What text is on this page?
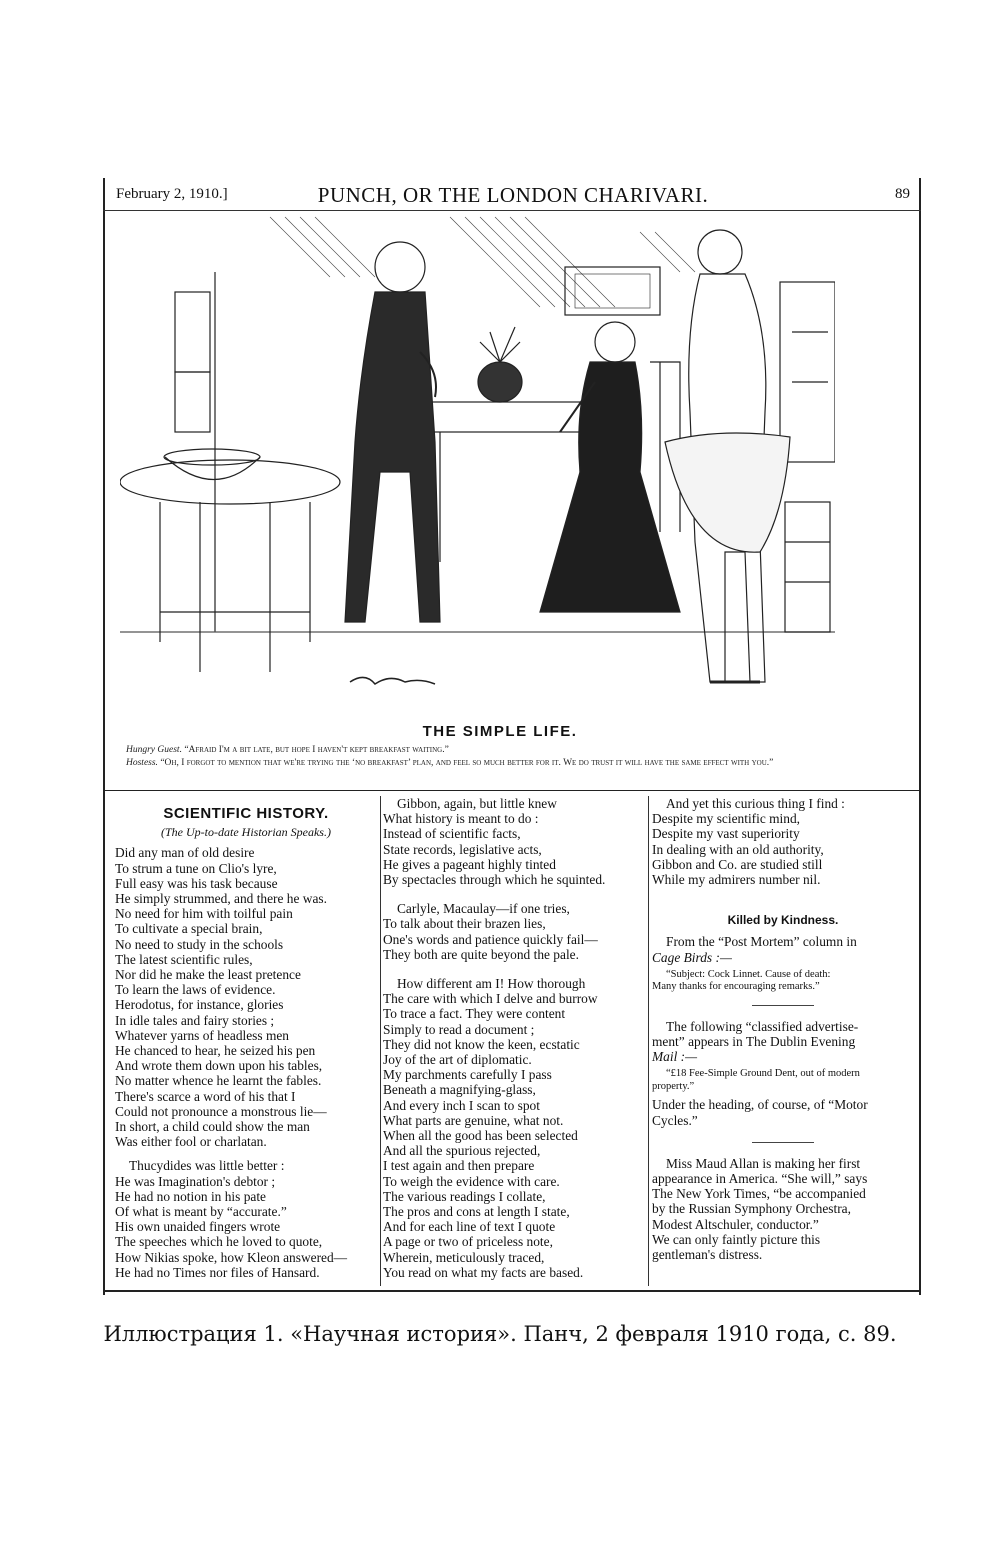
February 2, 1910.]	PUNCH, OR THE LONDON CHARIVARI.	89
THE SIMPLE LIFE.
Hungry Guest. “Afraid I'm a bit late, but hope I haven't kept breakfast waiting.”
Hostess. “Oh, I forgot to mention that we're trying the ‘no breakfast’ plan, and feel so much better for it. We do trust it will have the same effect with you.”
SCIENTIFIC HISTORY.
(The Up-to-date Historian Speaks.)
Did any man of old desire
To strum a tune on Clio's lyre,
Full easy was his task because
He simply strummed, and there he was.
No need for him with toilful pain
To cultivate a special brain,
No need to study in the schools
The latest scientific rules,
Nor did he make the least pretence
To learn the laws of evidence.
Herodotus, for instance, glories
In idle tales and fairy stories ;
Whatever yarns of headless men
He chanced to hear, he seized his pen
And wrote them down upon his tables,
No matter whence he learnt the fables.
There's scarce a word of his that I
Could not pronounce a monstrous lie—
In short, a child could show the man
Was either fool or charlatan.
Thucydides was little better :
He was Imagination's debtor ;
He had no notion in his pate
Of what is meant by “accurate.”
His own unaided fingers wrote
The speeches which he loved to quote,
How Nikias spoke, how Kleon answered—
He had no Times nor files of Hansard.
Gibbon, again, but little knew
What history is meant to do :
Instead of scientific facts,
State records, legislative acts,
He gives a pageant highly tinted
By spectacles through which he squinted.
Carlyle, Macaulay—if one tries,
To talk about their brazen lies,
One's words and patience quickly fail—
They both are quite beyond the pale.
How different am I! How thorough
The care with which I delve and burrow
To trace a fact. They were content
Simply to read a document ;
They did not know the keen, ecstatic
Joy of the art of diplomatic.
My parchments carefully I pass
Beneath a magnifying-glass,
And every inch I scan to spot
What parts are genuine, what not.
When all the good has been selected
And all the spurious rejected,
I test again and then prepare
To weigh the evidence with care.
The various readings I collate,
The pros and cons at length I state,
And for each line of text I quote
A page or two of priceless note,
Wherein, meticulously traced,
You read on what my facts are based.
And yet this curious thing I find :
Despite my scientific mind,
Despite my vast superiority
In dealing with an old authority,
Gibbon and Co. are studied still
While my admirers number nil.
Killed by Kindness.
From the “Post Mortem” column in
Cage Birds :—
“Subject: Cock Linnet. Cause of death:
Many thanks for encouraging remarks.”
The following “classified advertise-
ment” appears in The Dublin Evening
Mail :—
“£18 Fee-Simple Ground Dent, out of modern
property.”
Under the heading, of course, of “Motor
Cycles.”
Miss Maud Allan is making her first
appearance in America. “She will,” says
The New York Times, “be accompanied
by the Russian Symphony Orchestra,
Modest Altschuler, conductor.”
We can only faintly picture this
gentleman's distress.
Иллюстрация 1. «Научная история». Панч, 2 февраля 1910 года, с. 89.
